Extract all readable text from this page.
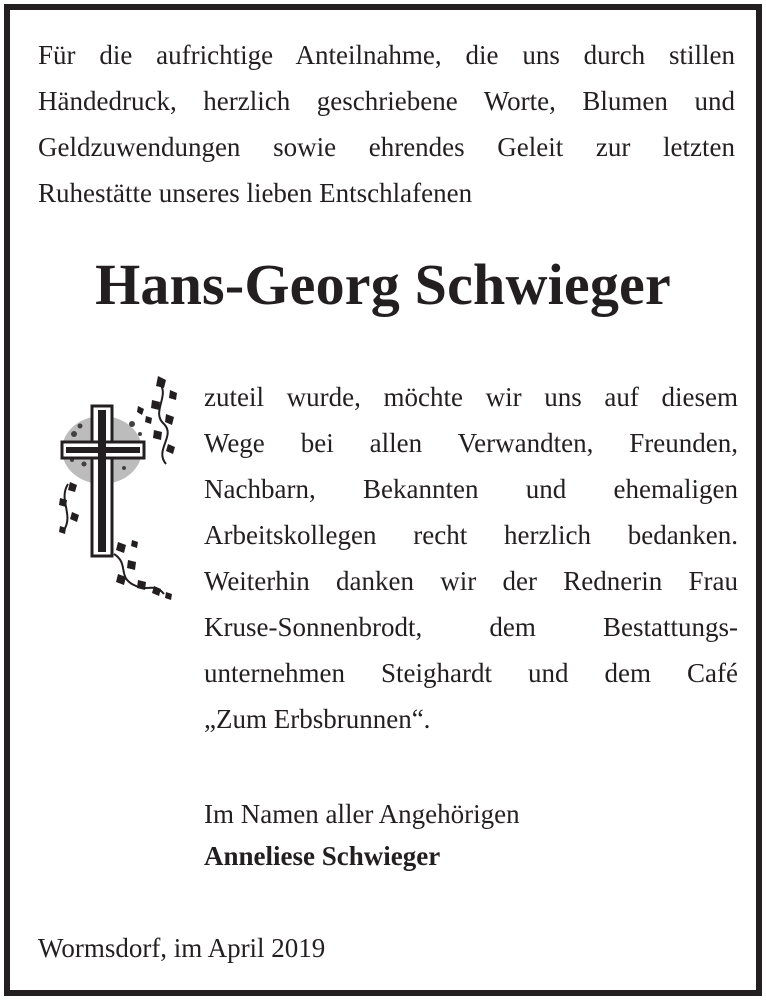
Für die aufrichtige Anteilnahme, die uns durch stillen
Händedruck, herzlich geschriebene Worte, Blumen und
Geldzuwendungen sowie ehrendes Geleit zur letzten
Ruhestätte unseres lieben Entschlafenen
Hans-Georg Schwieger
zuteil wurde, möchte wir uns auf diesem
Wege bei allen Verwandten, Freunden,
Nachbarn, Bekannten und ehemaligen
Arbeitskollegen recht herzlich bedanken.
Weiterhin danken wir der Rednerin Frau
Kruse-Sonnenbrodt, dem Bestattungs-
unternehmen Steighardt und dem Café
„Zum Erbsbrunnen“.
Im Namen aller Angehörigen
Anneliese Schwieger
Wormsdorf, im April 2019
